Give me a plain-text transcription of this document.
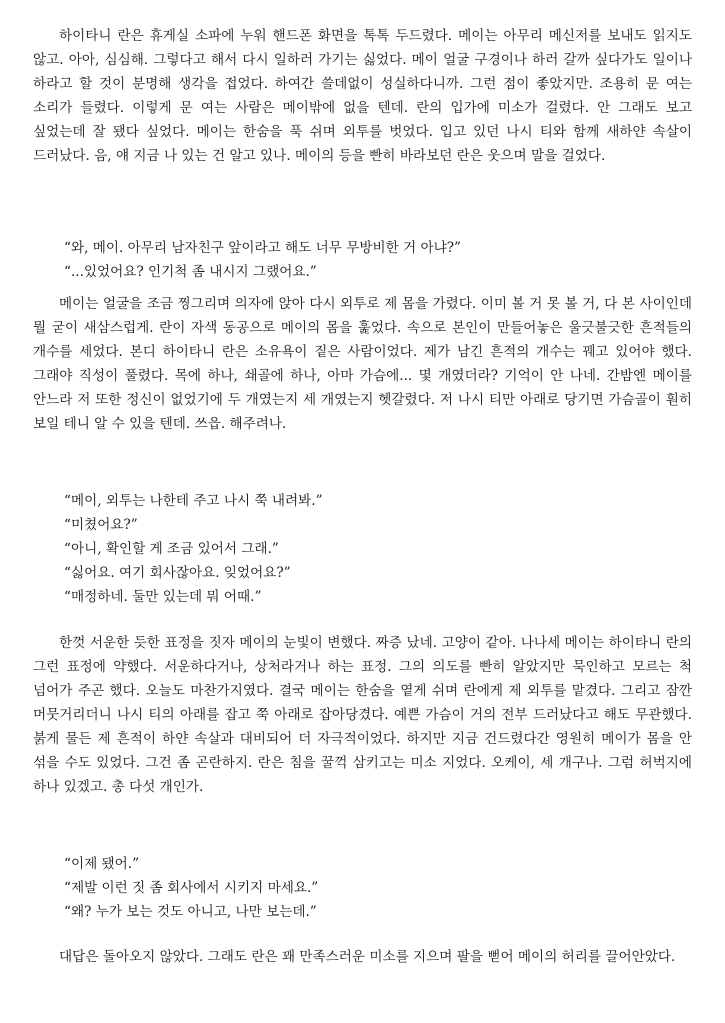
하이타니 란은 휴게실 소파에 누워 핸드폰 화면을 톡톡 두드렸다. 메이는 아무리 메신저를 보내도 읽지도 않고. 아아, 심심해. 그렇다고 해서 다시 일하러 가기는 싫었다. 메이 얼굴 구경이나 하러 갈까 싶다가도 일이나 하라고 할 것이 분명해 생각을 접었다. 하여간 쓸데없이 성실하다니까. 그런 점이 좋았지만. 조용히 문 여는 소리가 들렸다. 이렇게 문 여는 사람은 메이밖에 없을 텐데. 란의 입가에 미소가 걸렸다. 안 그래도 보고 싶었는데 잘 됐다 싶었다. 메이는 한숨을 푹 쉬며 외투를 벗었다. 입고 있던 나시 티와 함께 새하얀 속살이 드러났다. 음, 얘 지금 나 있는 건 알고 있나. 메이의 등을 빤히 바라보던 란은 웃으며 말을 걸었다.

“와, 메이. 아무리 남자친구 앞이라고 해도 너무 무방비한 거 아냐?”
“...있었어요? 인기척 좀 내시지 그랬어요.”

메이는 얼굴을 조금 찡그리며 의자에 앉아 다시 외투로 제 몸을 가렸다. 이미 볼 거 못 볼 거, 다 본 사이인데 뭘 굳이 새삼스럽게. 란이 자색 동공으로 메이의 몸을 훑었다. 속으로 본인이 만들어놓은 울긋불긋한 흔적들의 개수를 세었다. 본디 하이타니 란은 소유욕이 짙은 사람이었다. 제가 남긴 흔적의 개수는 꿰고 있어야 했다. 그래야 직성이 풀렸다. 목에 하나, 쇄골에 하나, 아마 가슴에... 몇 개였더라? 기억이 안 나네. 간밤엔 메이를 안느라 저 또한 정신이 없었기에 두 개였는지 세 개였는지 헷갈렸다. 저 나시 티만 아래로 당기면 가슴골이 훤히 보일 테니 알 수 있을 텐데. 쓰읍. 해주려나.

“메이, 외투는 나한테 주고 나시 쭉 내려봐.”
“미쳤어요?”
“아니, 확인할 게 조금 있어서 그래.”
“싫어요. 여기 회사잖아요. 잊었어요?”
“매정하네. 둘만 있는데 뭐 어때.”

한껏 서운한 듯한 표정을 짓자 메이의 눈빛이 변했다. 짜증 났네. 고양이 같아. 나나세 메이는 하이타니 란의 그런 표정에 약했다. 서운하다거나, 상처라거나 하는 표정. 그의 의도를 빤히 알았지만 묵인하고 모르는 척 넘어가 주곤 했다. 오늘도 마찬가지였다. 결국 메이는 한숨을 옅게 쉬며 란에게 제 외투를 맡겼다. 그리고 잠깐 머뭇거리더니 나시 티의 아래를 잡고 쭉 아래로 잡아당겼다. 예쁜 가슴이 거의 전부 드러났다고 해도 무관했다. 붉게 물든 제 흔적이 하얀 속살과 대비되어 더 자극적이었다. 하지만 지금 건드렸다간 영원히 메이가 몸을 안 섞을 수도 있었다. 그건 좀 곤란하지. 란은 침을 꿀꺽 삼키고는 미소 지었다. 오케이, 세 개구나. 그럼 허벅지에 하나 있겠고. 총 다섯 개인가.

“이제 됐어.”
“제발 이런 짓 좀 회사에서 시키지 마세요.”
“왜? 누가 보는 것도 아니고, 나만 보는데.”

대답은 돌아오지 않았다. 그래도 란은 꽤 만족스러운 미소를 지으며 팔을 뻗어 메이의 허리를 끌어안았다.
